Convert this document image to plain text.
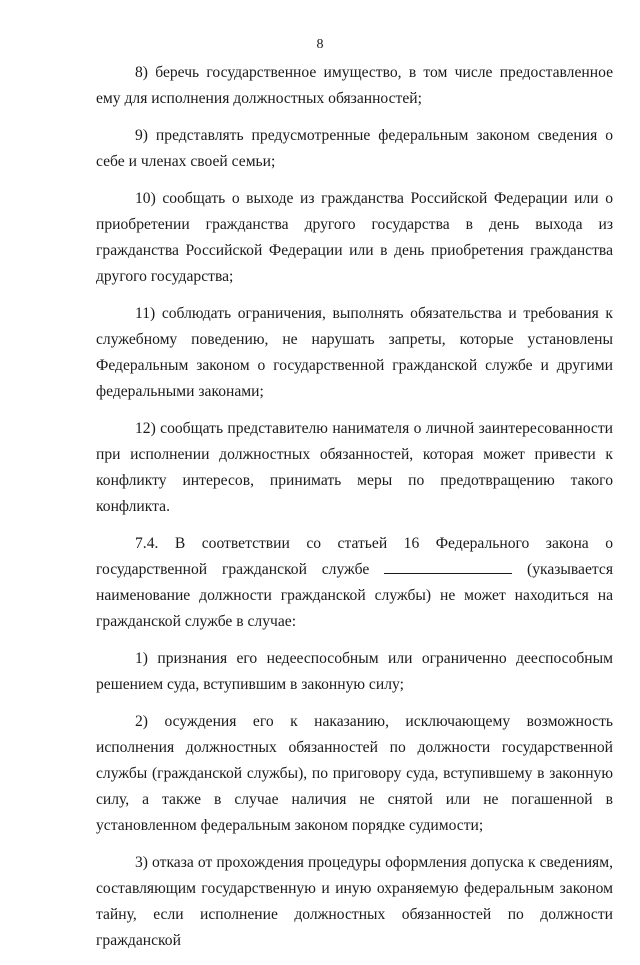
8

8) беречь государственное имущество, в том числе предоставленное ему для исполнения должностных обязанностей;

9) представлять предусмотренные федеральным законом сведения о себе и членах своей семьи;

10) сообщать о выходе из гражданства Российской Федерации или о приобретении гражданства другого государства в день выхода из гражданства Российской Федерации или в день приобретения гражданства другого государства;

11) соблюдать ограничения, выполнять обязательства и требования к служебному поведению, не нарушать запреты, которые установлены Федеральным законом о государственной гражданской службе и другими федеральными законами;

12) сообщать представителю нанимателя о личной заинтересованности при исполнении должностных обязанностей, которая может привести к конфликту интересов, принимать меры по предотвращению такого конфликта.

7.4. В соответствии со статьей 16 Федерального закона о государственной гражданской службе	(указывается наименование должности гражданской службы) не может находиться на гражданской службе в случае:

1) признания его недееспособным или ограниченно дееспособным решением суда, вступившим в законную силу;

2) осуждения его к наказанию, исключающему возможность исполнения должностных обязанностей по должности государственной службы (гражданской службы), по приговору суда, вступившему в законную силу, а также в случае наличия не снятой или не погашенной в установленном федеральным законом порядке судимости;

3) отказа от прохождения процедуры оформления допуска к сведениям, составляющим государственную и иную охраняемую федеральным законом тайну, если исполнение должностных обязанностей по должности гражданской
